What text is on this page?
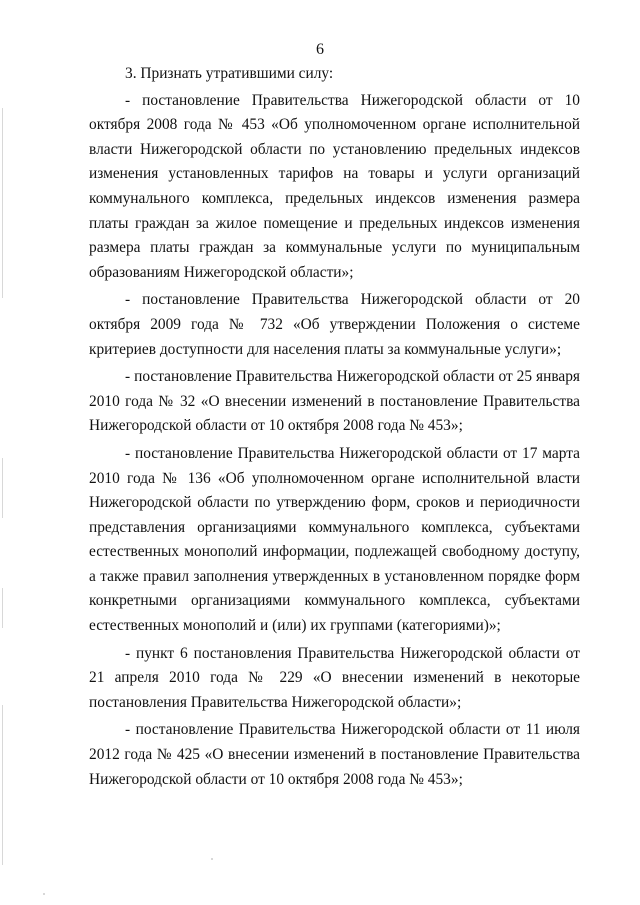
6

3. Признать утратившими силу:

- постановление Правительства Нижегородской области от 10 октября 2008 года № 453 «Об уполномоченном органе исполнительной власти Нижегородской области по установлению предельных индексов изменения установленных тарифов на товары и услуги организаций коммунального комплекса, предельных индексов изменения размера платы граждан за жилое помещение и предельных индексов изменения размера платы граждан за коммунальные услуги по муниципальным образованиям Нижегородской области»;

- постановление Правительства Нижегородской области от 20 октября 2009 года № 732 «Об утверждении Положения о системе критериев доступности для населения платы за коммунальные услуги»;

- постановление Правительства Нижегородской области от 25 января 2010 года № 32 «О внесении изменений в постановление Правительства Нижегородской области от 10 октября 2008 года № 453»;

- постановление Правительства Нижегородской области от 17 марта 2010 года № 136 «Об уполномоченном органе исполнительной власти Нижегородской области по утверждению форм, сроков и периодичности представления организациями коммунального комплекса, субъектами естественных монополий информации, подлежащей свободному доступу, а также правил заполнения утвержденных в установленном порядке форм конкретными организациями коммунального комплекса, субъектами естественных монополий и (или) их группами (категориями)»;

- пункт 6 постановления Правительства Нижегородской области от 21 апреля 2010 года № 229 «О внесении изменений в некоторые постановления Правительства Нижегородской области»;

- постановление Правительства Нижегородской области от 11 июля 2012 года № 425 «О внесении изменений в постановление Правительства Нижегородской области от 10 октября 2008 года № 453»;
